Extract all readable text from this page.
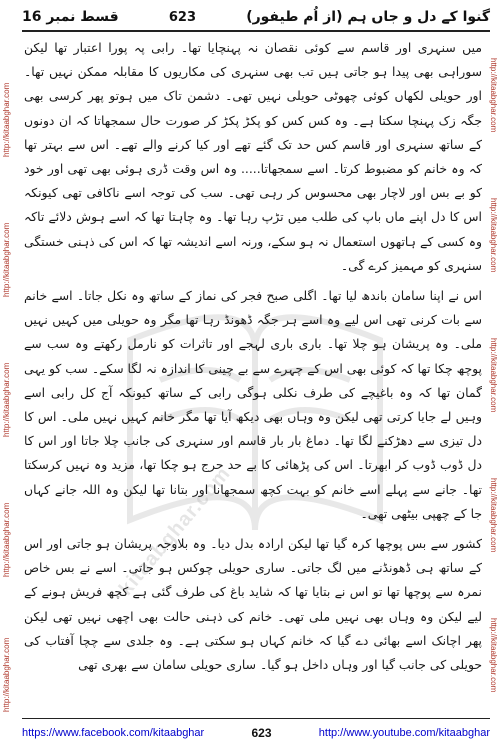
قسط نمبر 16	623	گنوا کے دل و جاں ہم (از اُم طیفور)
http://kitaabghar.com
http://kitaabghar.com
http://kitaabghar.com
http://kitaabghar.com
http://kitaabghar.com
http://kitaabghar.com
http://kitaabghar.com
http://kitaabghar.com
http://kitaabghar.com
http://kitaabghar.com
kitaabghar.com

میں سنہری اور قاسم سے کوئی نقصان نہ پہنچایا تھا۔ رابی پہ پورا اعتبار تھا لیکن سوراہی بھی پیدا ہو جاتی ہیں تب بھی سنہری کی مکاریوں کا مقابلہ ممکن نہیں تھا۔ اور حویلی لکھاں کوئی چھوٹی حویلی نہیں تھی۔ دشمن تاک میں ہوتو پھر کرسی بھی جگہ زک پہنچا سکتا ہے۔ وہ کس کس کو پکڑ پکڑ کر صورت حال سمجھاتا کہ ان دونوں کے ساتھ سنہری اور قاسم کس حد تک گئے تھے اور کیا کرنے والے تھے۔ اس سے بہتر تھا کہ وہ خانم کو مضبوط کرتا۔ اسے سمجھاتا..... وہ اس وقت ڈری ہوئی بھی تھی اور خود کو بے بس اور لاچار بھی محسوس کر رہی تھی۔ سب کی توجہ اسے ناکافی تھی کیونکہ اس کا دل اپنے ماں باپ کی طلب میں تڑپ رہا تھا۔ وہ چاہتا تھا کہ اسے ہوش دلائے تاکہ وہ کسی کے ہاتھوں استعمال نہ ہو سکے، ورنہ اسے اندیشہ تھا کہ اس کی ذہنی خستگی سنہری کو مہمیز کرے گی۔

اس نے اپنا سامان باندھ لیا تھا۔ اگلی صبح فجر کی نماز کے ساتھ وہ نکل جاتا۔ اسے خانم سے بات کرنی تھی اس لیے وہ اسے ہر جگہ ڈھونڈ رہا تھا مگر وہ حویلی میں کہیں نہیں ملی۔ وہ پریشان ہو چلا تھا۔ باری باری لہجے اور تاثرات کو نارمل رکھتے وہ سب سے پوچھ چکا تھا کہ کوئی بھی اس کے چہرے سے بے چینی کا اندازہ نہ لگا سکے۔ سب کو یہی گمان تھا کہ وہ باغیچے کی طرف نکلی ہوگی رابی کے ساتھ کیونکہ آج کل رابی اسے وہیں لے جایا کرتی تھی لیکن وہ وہاں بھی دیکھ آیا تھا مگر خانم کہیں نہیں ملی۔ اس کا دل تیزی سے دھڑکنے لگا تھا۔ دماغ بار بار قاسم اور سنہری کی جانب چلا جاتا اور اس کا دل ڈوب ڈوب کر ابھرتا۔ اس کی پڑھائی کا بے حد حرج ہو چکا تھا، مزید وہ نہیں کرسکتا تھا۔ جانے سے پہلے اسے خانم کو بہت کچھ سمجھانا اور بتانا تھا لیکن وہ اللہ جانے کہاں جا کے چھپی بیٹھی تھی۔

کشور سے بس پوچھا کرہ گیا تھا لیکن ارادہ بدل دیا۔ وہ بلاوجہ پریشان ہو جاتی اور اس کے ساتھ ہی ڈھونڈنے میں لگ جاتی۔ ساری حویلی چوکس ہو جاتی۔ اسے نے بس خاص نمرہ سے پوچھا تھا تو اس نے بتایا تھا کہ شاید باغ کی طرف گئی ہے کچھ فریش ہونے کے لیے لیکن وہ وہاں بھی نہیں ملی تھی۔ خانم کی ذہنی حالت بھی اچھی نہیں تھی لیکن پھر اچانک اسے بھائی دے گیا کہ خانم کہاں ہو سکتی ہے۔ وہ جلدی سے چچا آفتاب کی حویلی کی جانب گیا اور وہاں داخل ہو گیا۔ ساری حویلی سامان سے بھری تھی

https://www.facebook.com/kitaabghar	623	http://www.youtube.com/kitaabghar
